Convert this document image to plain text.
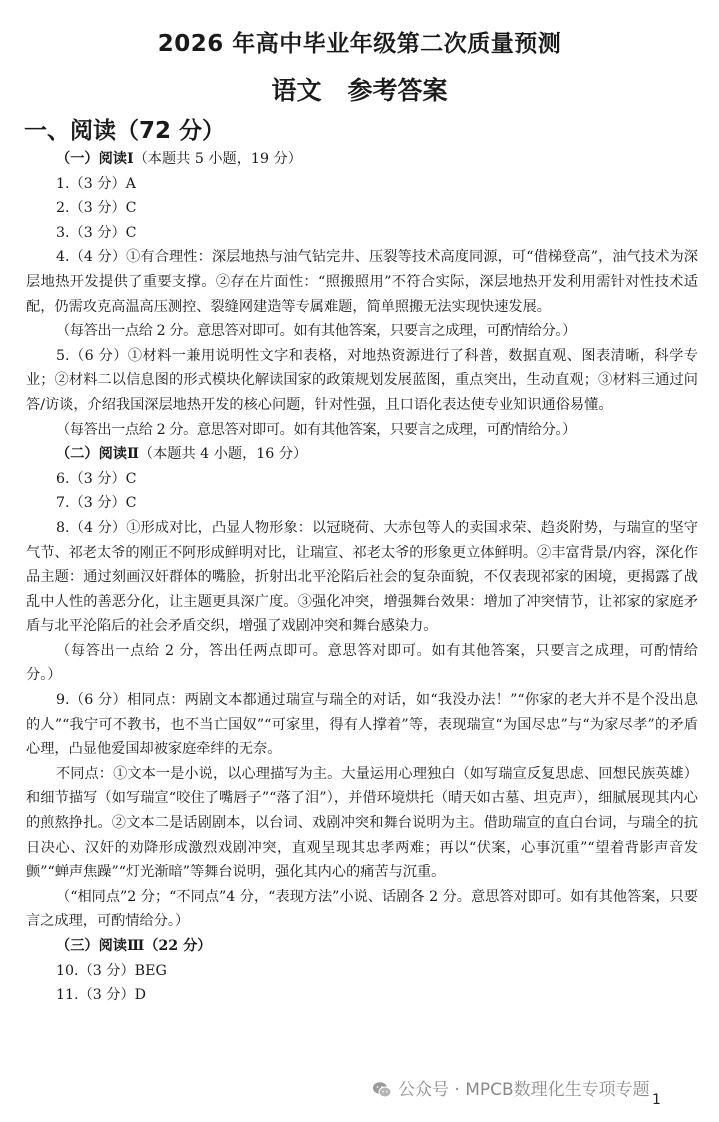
2026 年高中毕业年级第二次质量预测
语文 参考答案
一、阅读（72 分）

（一）阅读Ⅰ（本题共 5 小题，19 分）

1.（3 分）A

2.（3 分）C

3.（3 分）C

4.（4 分）①有合理性：深层地热与油气钻完井、压裂等技术高度同源，可“借梯登高”，油气技术为深层地热开发提供了重要支撑。②存在片面性：“照搬照用”不符合实际，深层地热开发利用需针对性技术适配，仍需攻克高温高压测控、裂缝网建造等专属难题，简单照搬无法实现快速发展。

（每答出一点给 2 分。意思答对即可。如有其他答案，只要言之成理，可酌情给分。）

5.（6 分）①材料一兼用说明性文字和表格，对地热资源进行了科普，数据直观、图表清晰，科学专业；②材料二以信息图的形式模块化解读国家的政策规划发展蓝图，重点突出，生动直观；③材料三通过问答/访谈，介绍我国深层地热开发的核心问题，针对性强，且口语化表达使专业知识通俗易懂。

（每答出一点给 2 分。意思答对即可。如有其他答案，只要言之成理，可酌情给分。）

（二）阅读Ⅱ（本题共 4 小题，16 分）

6.（3 分）C

7.（3 分）C

8.（4 分）①形成对比，凸显人物形象：以冠晓荷、大赤包等人的卖国求荣、趋炎附势，与瑞宣的坚守气节、祁老太爷的刚正不阿形成鲜明对比，让瑞宣、祁老太爷的形象更立体鲜明。②丰富背景/内容，深化作品主题：通过刻画汉奸群体的嘴脸，折射出北平沦陷后社会的复杂面貌，不仅表现祁家的困境，更揭露了战乱中人性的善恶分化，让主题更具深广度。③强化冲突，增强舞台效果：增加了冲突情节，让祁家的家庭矛盾与北平沦陷后的社会矛盾交织，增强了戏剧冲突和舞台感染力。

（每答出一点给 2 分，答出任两点即可。意思答对即可。如有其他答案，只要言之成理，可酌情给分。）

9.（6 分）相同点：两剧文本都通过瑞宣与瑞全的对话，如“我没办法！”“你家的老大并不是个没出息的人”“我宁可不教书，也不当亡国奴”“可家里，得有人撑着”等，表现瑞宣“为国尽忠”与“为家尽孝”的矛盾心理，凸显他爱国却被家庭牵绊的无奈。

不同点：①文本一是小说，以心理描写为主。大量运用心理独白（如写瑞宣反复思虑、回想民族英雄）和细节描写（如写瑞宣“咬住了嘴唇子”“落了泪”），并借环境烘托（晴天如古墓、坦克声），细腻展现其内心的煎熬挣扎。②文本二是话剧剧本，以台词、戏剧冲突和舞台说明为主。借助瑞宣的直白台词，与瑞全的抗日决心、汉奸的劝降形成激烈戏剧冲突，直观呈现其忠孝两难；再以“伏案，心事沉重”“望着背影声音发颤”“蝉声焦躁”“灯光渐暗”等舞台说明，强化其内心的痛苦与沉重。

（“相同点”2 分；“不同点”4 分，“表现方法”小说、话剧各 2 分。意思答对即可。如有其他答案，只要言之成理，可酌情给分。）

（三）阅读Ⅲ（22 分）

10.（3 分）BEG

11.（3 分）D

公众号 · MPCB数理化生专项专题 1
